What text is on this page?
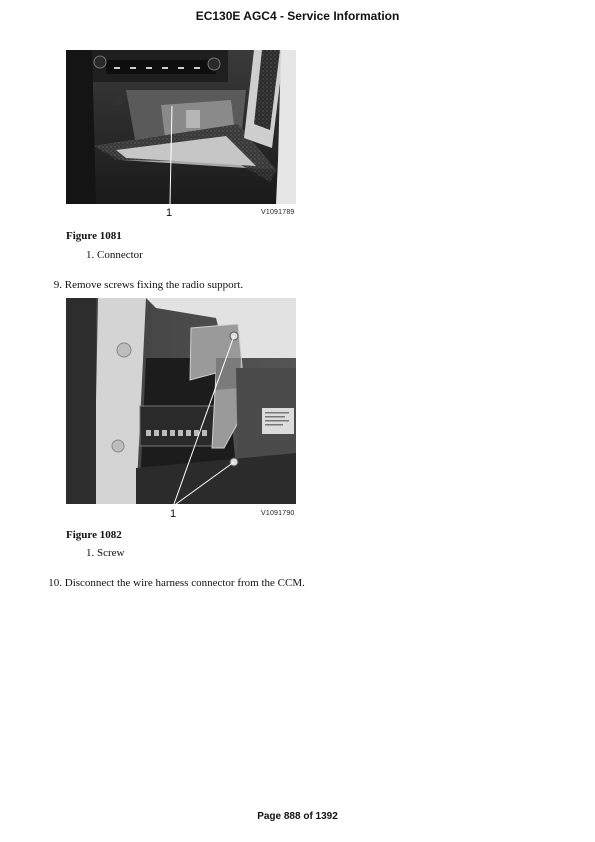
EC130E AGC4 - Service Information
1	V1091789
Figure 1081
1. Connector
9. Remove screws fixing the radio support.
1	V1091790
Figure 1082
1. Screw
10. Disconnect the wire harness connector from the CCM.
Page 888 of 1392
